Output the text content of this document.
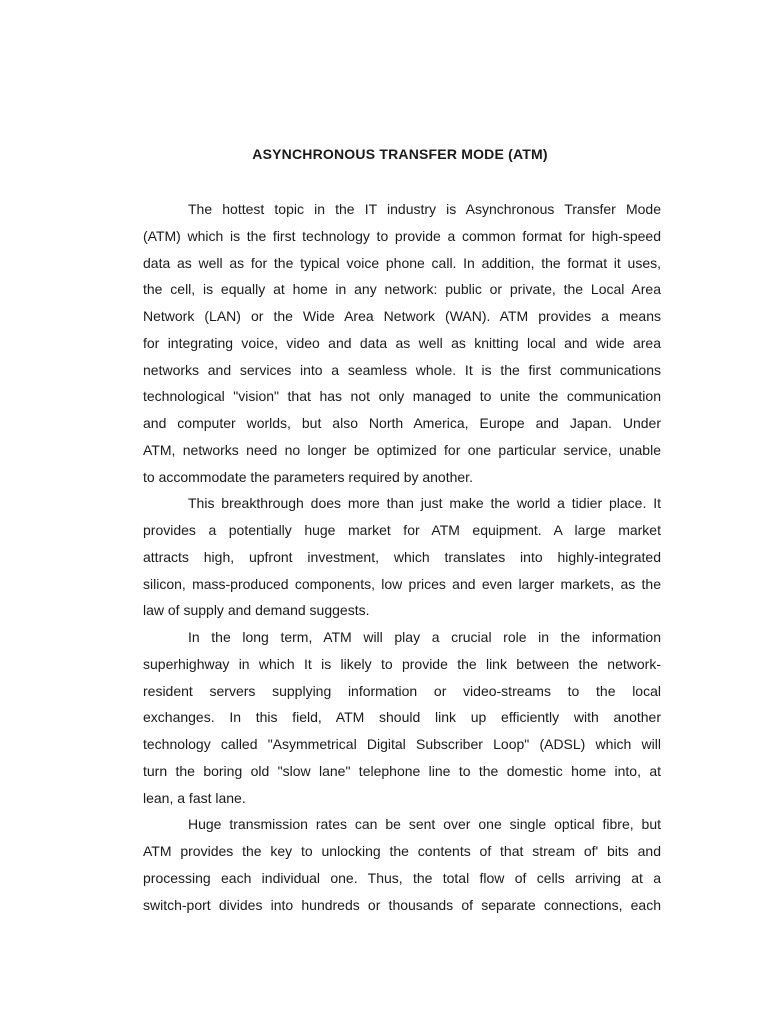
ASYNCHRONOUS TRANSFER MODE (ATM)

The hottest topic in the IT industry is Asynchronous Transfer Mode
(ATM) which is the first technology to provide a common format for high-speed
data as well as for the typical voice phone call. In addition, the format it uses,
the cell, is equally at home in any network: public or private, the Local Area
Network (LAN) or the Wide Area Network (WAN). ATM provides a means
for integrating voice, video and data as well as knitting local and wide area
networks and services into a seamless whole. It is the first communications
technological "vision" that has not only managed to unite the communication
and computer worlds, but also North America, Europe and Japan. Under
ATM, networks need no longer be optimized for one particular service, unable
to accommodate the parameters required by another.

This breakthrough does more than just make the world a tidier place. It
provides a potentially huge market for ATM equipment. A large market
attracts high, upfront investment, which translates into highly-integrated
silicon, mass-produced components, low prices and even larger markets, as the
law of supply and demand suggests.

In the long term, ATM will play a crucial role in the information
superhighway in which It is likely to provide the link between the network-
resident servers supplying information or video-streams to the local
exchanges. In this field, ATM should link up efficiently with another
technology called "Asymmetrical Digital Subscriber Loop" (ADSL) which will
turn the boring old "slow lane" telephone line to the domestic home into, at
lean, a fast lane.

Huge transmission rates can be sent over one single optical fibre, but
ATM provides the key to unlocking the contents of that stream of' bits and
processing each individual one. Thus, the total flow of cells arriving at a
switch-port divides into hundreds or thousands of separate connections, each
